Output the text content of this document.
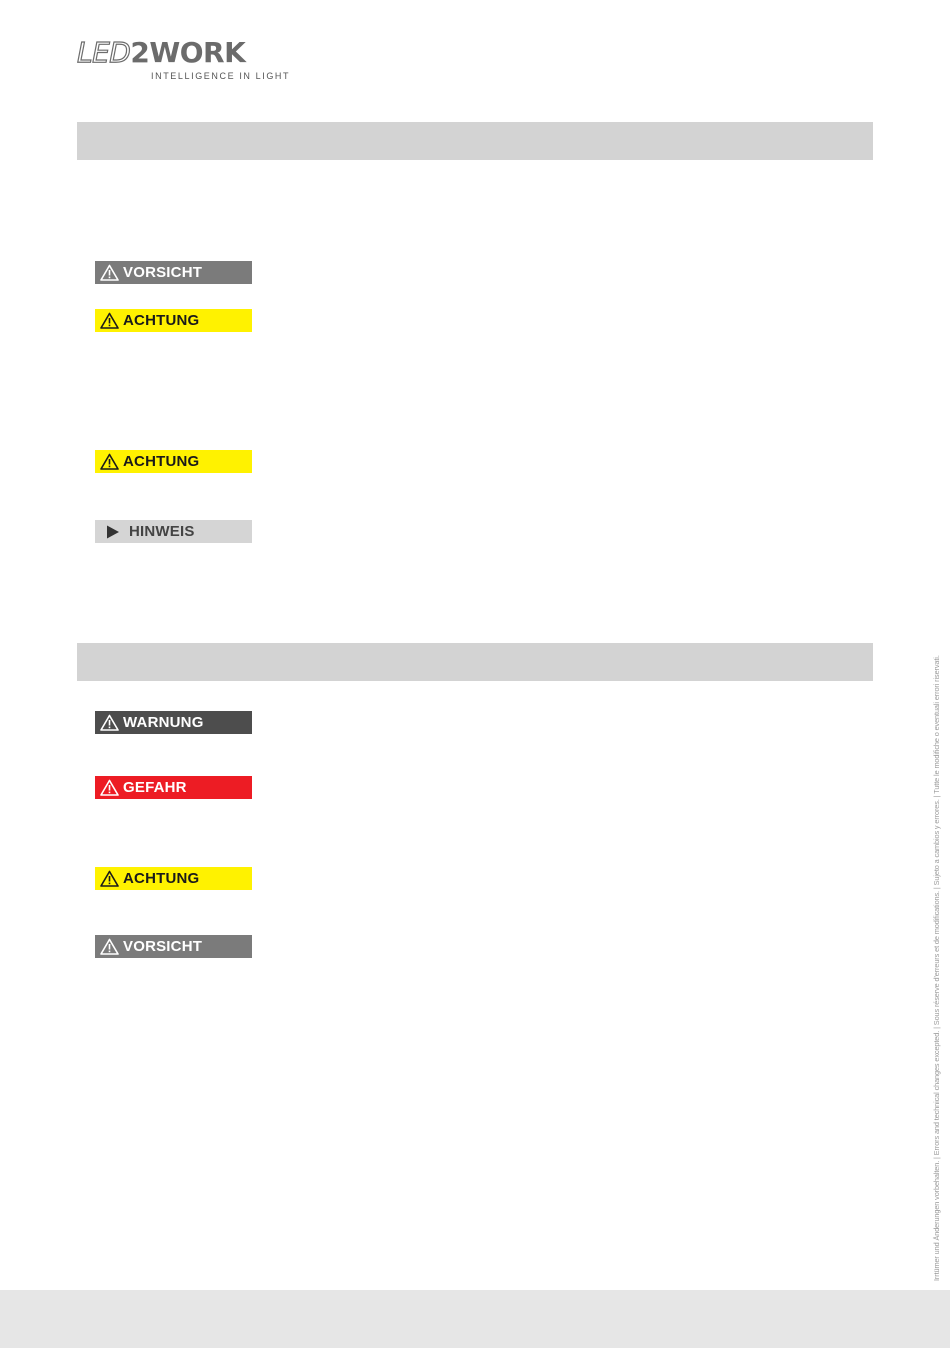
LED2WORK
INTELLIGENCE IN LIGHT
VORSICHT
ACHTUNG
ACHTUNG
HINWEIS
WARNUNG
GEFAHR
ACHTUNG
VORSICHT	Irrtümer und Änderungen vorbehalten. | Errors and technical changes excepted. | Sous réserve d'erreurs et de modifications. | Sujeto a cambios y errores. | Tutte le modifiche o eventuali errori riservati.
